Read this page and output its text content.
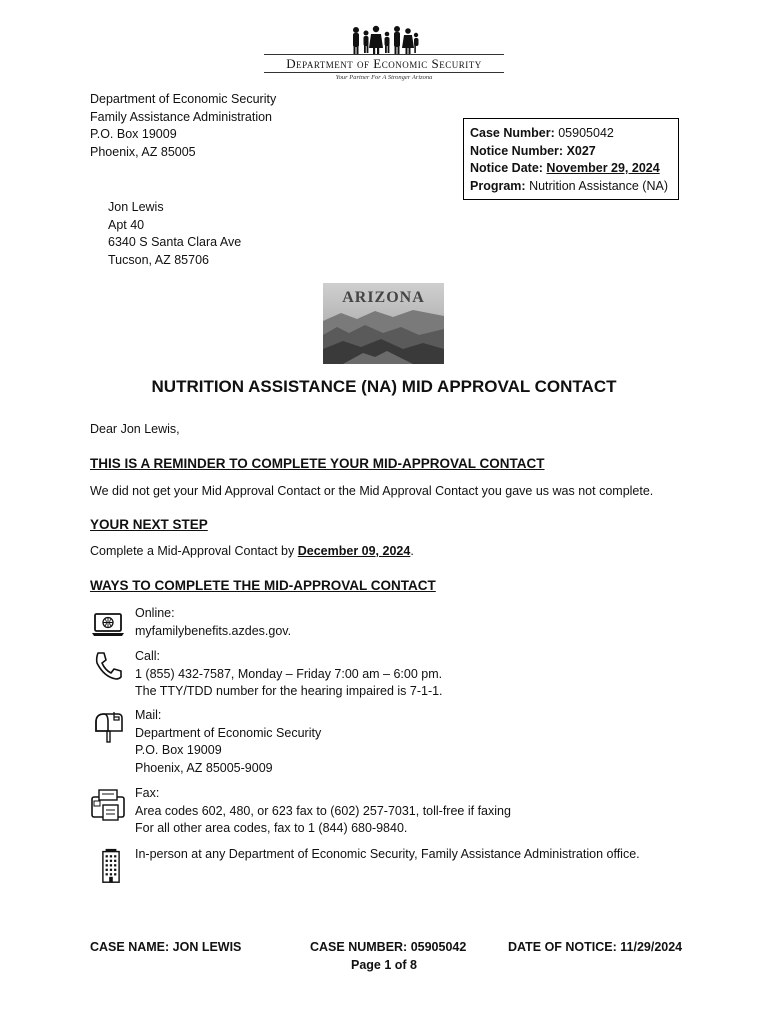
Department of Economic Security
Your Partner For A Stronger Arizona
Department of Economic Security
Family Assistance Administration
P.O. Box 19009
Phoenix, AZ 85005
Case Number: 05905042
Notice Number: X027
Notice Date: November 29, 2024
Program: Nutrition Assistance (NA)
Jon Lewis
Apt 40
6340 S Santa Clara Ave
Tucson, AZ 85706
ARIZONA
NUTRITION ASSISTANCE (NA) MID APPROVAL CONTACT
Dear Jon Lewis,
THIS IS A REMINDER TO COMPLETE YOUR MID-APPROVAL CONTACT
We did not get your Mid Approval Contact or the Mid Approval Contact you gave us was not complete.
YOUR NEXT STEP
Complete a Mid-Approval Contact by December 09, 2024.
WAYS TO COMPLETE THE MID-APPROVAL CONTACT
Online:
myfamilybenefits.azdes.gov.
Call:
1 (855) 432-7587, Monday – Friday 7:00 am – 6:00 pm.
The TTY/TDD number for the hearing impaired is 7-1-1.
Mail:
Department of Economic Security
P.O. Box 19009
Phoenix, AZ 85005-9009
Fax:
Area codes 602, 480, or 623 fax to (602) 257-7031, toll-free if faxing
For all other area codes, fax to 1 (844) 680-9840.
In-person at any Department of Economic Security, Family Assistance Administration office.
CASE NAME: JON LEWIS	CASE NUMBER: 05905042	DATE OF NOTICE: 11/29/2024
Page 1 of 8
